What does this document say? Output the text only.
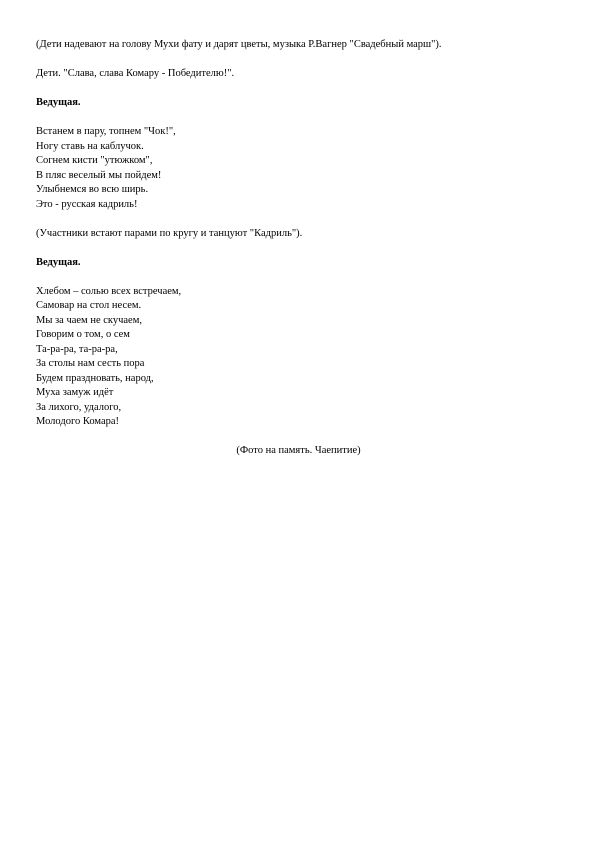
(Дети надевают на голову Мухи фату и дарят цветы, музыка Р.Вагнер "Свадебный марш").

Дети. "Слава, слава Комару - Победителю!".

Ведущая.

Встанем в пару, топнем "Чок!",
Ногу ставь на каблучок.
Согнем кисти "утюжком",
В пляс веселый мы пойдем!
Улыбнемся во всю ширь.
Это - русская кадриль!

(Участники встают парами по кругу и танцуют "Кадриль").

Ведущая.

Хлебом – солью всех встречаем,
Самовар на стол несем.
Мы за чаем не скучаем,
Говорим о том, о сем
Та-ра-ра, та-ра-ра,
За столы нам сесть пора
Будем праздновать, народ,
Муха замуж идёт
За лихого, удалого,
Молодого Комара!

(Фото на память. Чаепитие)
